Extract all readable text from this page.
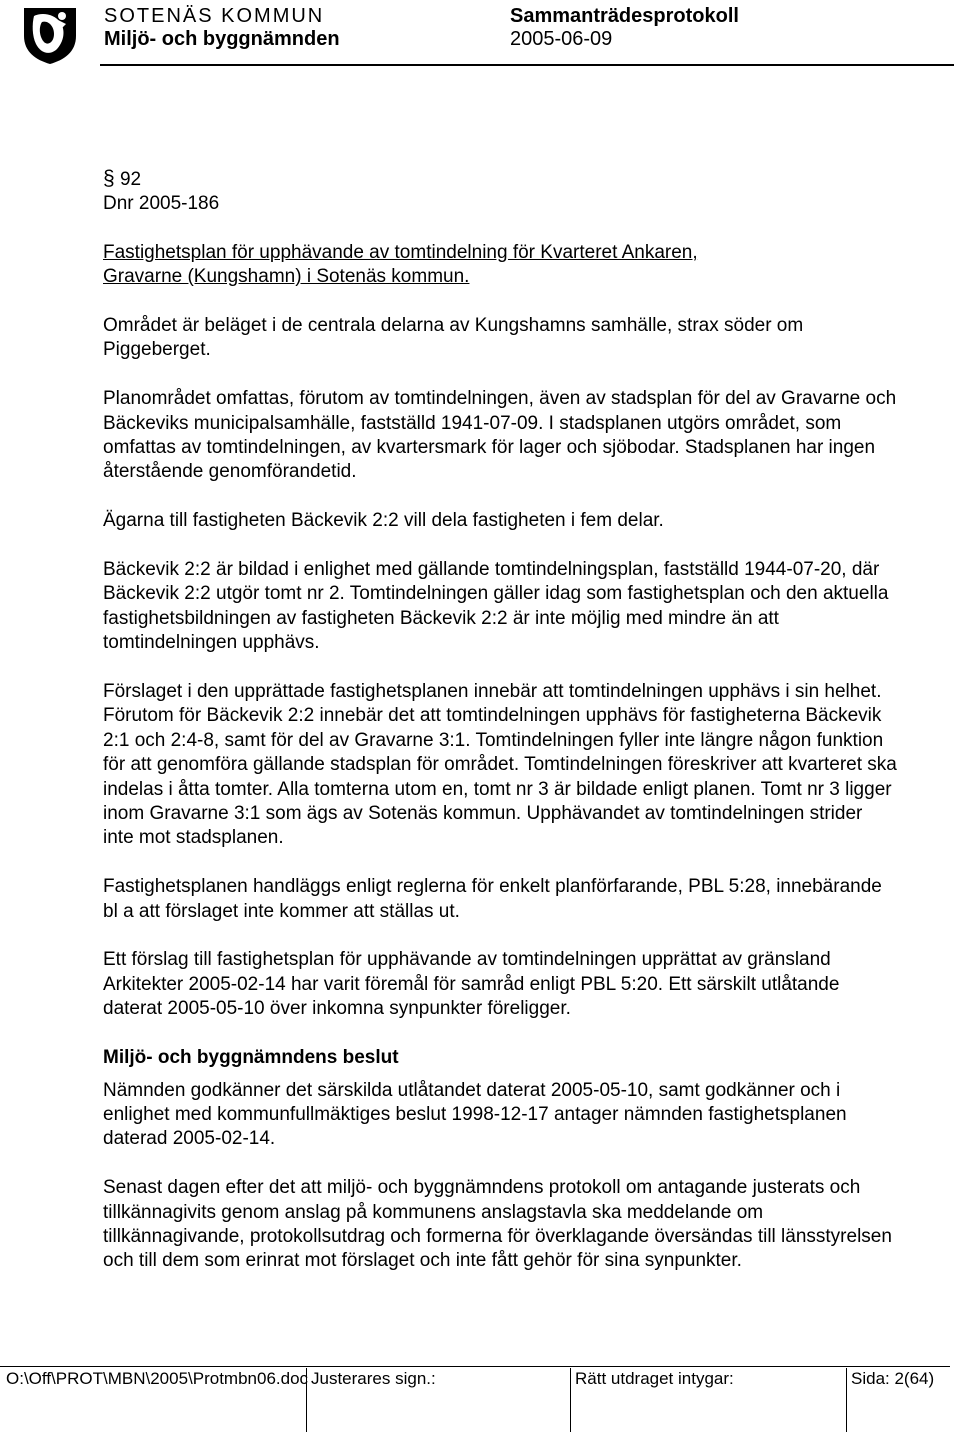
SOTENÄS KOMMUN
Miljö- och byggnämnden
Sammanträdesprotokoll
2005-06-09

§ 92

Dnr 2005-186

Fastighetsplan för upphävande av tomtindelning för Kvarteret Ankaren,

Gravarne (Kungshamn) i Sotenäs kommun.

Området är beläget i de centrala delarna av Kungshamns samhälle, strax söder om Piggeberget.

Planområdet omfattas, förutom av tomtindelningen, även av stadsplan för del av Gravarne och Bäckeviks municipalsamhälle, fastställd 1941-07-09. I stadsplanen utgörs området, som omfattas av tomtindelningen, av kvartersmark för lager och sjöbodar. Stadsplanen har ingen återstående genomförandetid.

Ägarna till fastigheten Bäckevik 2:2 vill dela fastigheten i fem delar.

Bäckevik 2:2 är bildad i enlighet med gällande tomtindelningsplan, fastställd 1944-07-20, där Bäckevik 2:2 utgör tomt nr 2. Tomtindelningen gäller idag som fastighetsplan och den aktuella fastighetsbildningen av fastigheten Bäckevik 2:2 är inte möjlig med mindre än att tomtindelningen upphävs.

Förslaget i den upprättade fastighetsplanen innebär att tomtindelningen upphävs i sin helhet. Förutom för Bäckevik 2:2 innebär det att tomtindelningen upphävs för fastigheterna Bäckevik 2:1 och 2:4-8, samt för del av Gravarne 3:1. Tomtindelningen fyller inte längre någon funktion för att genomföra gällande stadsplan för området. Tomtindelningen föreskriver att kvarteret ska indelas i åtta tomter. Alla tomterna utom en, tomt nr 3 är bildade enligt planen. Tomt nr 3 ligger inom Gravarne 3:1 som ägs av Sotenäs kommun. Upphävandet av tomtindelningen strider inte mot stadsplanen.

Fastighetsplanen handläggs enligt reglerna för enkelt planförfarande, PBL 5:28, innebärande bl a att förslaget inte kommer att ställas ut.

Ett förslag till fastighetsplan för upphävande av tomtindelningen upprättat av gränsland Arkitekter 2005-02-14 har varit föremål för samråd enligt PBL 5:20. Ett särskilt utlåtande daterat 2005-05-10 över inkomna synpunkter föreligger.

Miljö- och byggnämndens beslut

Nämnden godkänner det särskilda utlåtandet daterat 2005-05-10, samt godkänner och i enlighet med kommunfullmäktiges beslut 1998-12-17 antager nämnden fastighetsplanen daterad 2005-02-14.

Senast dagen efter det att miljö- och byggnämndens protokoll om antagande justerats och tillkännagivits genom anslag på kommunens anslagstavla ska meddelande om tillkännagivande, protokollsutdrag och formerna för överklagande översändas till länsstyrelsen och till dem som erinrat mot förslaget och inte fått gehör för sina synpunkter.

O:\Off\PROT\MBN\2005\Protmbn06.doc Justerares sign.:	Rätt utdraget intygar:	Sida: 2(64)
